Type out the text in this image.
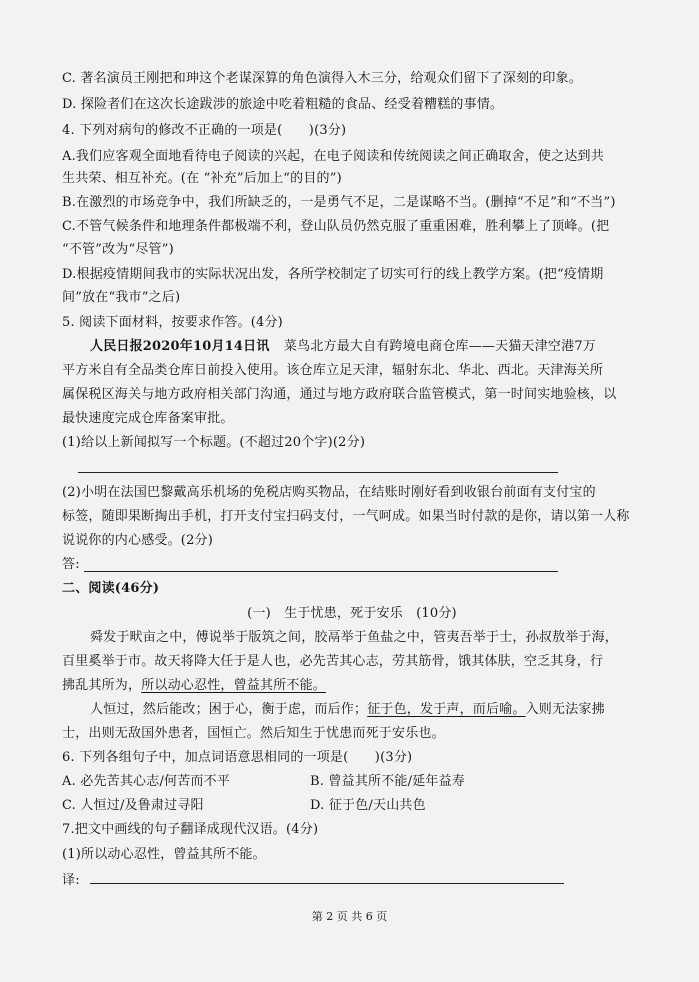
C. 著名演员王刚把和珅这个老谋深算的角色演得入木三分，给观众们留下了深刻的印象。
D. 探险者们在这次长途跋涉的旅途中吃着粗糙的食品、经受着糟糕的事情。
4. 下列对病句的修改不正确的一项是(　　)(3分)
A.我们应客观全面地看待电子阅读的兴起，在电子阅读和传统阅读之间正确取舍，使之达到共
生共荣、相互补充。(在 “补充”后加上“的目的”)
B.在激烈的市场竞争中，我们所缺乏的，一是勇气不足，二是谋略不当。(删掉“不足”和“不当”)
C.不管气候条件和地理条件都极端不利，登山队员仍然克服了重重困难，胜利攀上了顶峰。(把
“不管”改为“尽管”)
D.根据疫情期间我市的实际状况出发，各所学校制定了切实可行的线上教学方案。(把“疫情期
间”放在“我市”之后)
5. 阅读下面材料，按要求作答。(4分)
人民日报2020年10月14日讯 菜鸟北方最大自有跨境电商仓库——天猫天津空港7万
平方米自有全品类仓库日前投入使用。该仓库立足天津，辐射东北、华北、西北。天津海关所
属保税区海关与地方政府相关部门沟通，通过与地方政府联合监管模式，第一时间实地验核，以
最快速度完成仓库备案审批。
(1)给以上新闻拟写一个标题。(不超过20个字)(2分)
(2)小明在法国巴黎戴高乐机场的免税店购买物品，在结账时刚好看到收银台前面有支付宝的
标签，随即果断掏出手机，打开支付宝扫码支付，一气呵成。如果当时付款的是你，请以第一人称
说说你的内心感受。(2分)
答:
二、阅读(46分)
(一)　生于忧患，死于安乐　(10分)
舜发于畎亩之中，傅说举于版筑之间，胶鬲举于鱼盐之中，管夷吾举于士，孙叔敖举于海，
百里奚举于市。故天将降大任于是人也，必先苦其心志，劳其筋骨，饿其体肤，空乏其身，行
拂乱其所为，所以动心忍性，曾益其所不能。
人恒过，然后能改；困于心，衡于虑，而后作；征于色，发于声，而后喻。入则无法家拂
士，出则无敌国外患者，国恒亡。然后知生于忧患而死于安乐也。
6. 下列各组句子中，加点词语意思相同的一项是(　　)(3分)
A. 必先苦其心志/何苦而不平	B. 曾益其所不能/延年益寿
C. 人恒过/及鲁肃过寻阳	D. 征于色/天山共色
7.把文中画线的句子翻译成现代汉语。(4分)
(1)所以动心忍性，曾益其所不能。
译:
第 2 页 共 6 页
